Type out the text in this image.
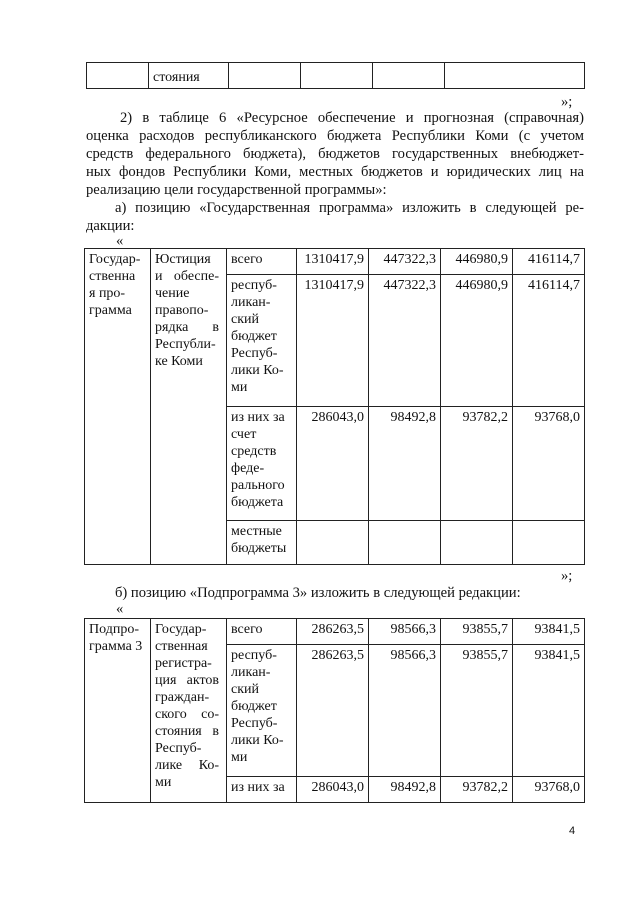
	стояния				
»;
2) в таблице 6 «Ресурсное обеспечение и прогнозная (справочная)
оценка расходов республиканского бюджета Республики Коми (с учетом
средств федерального бюджета), бюджетов государственных внебюджет-
ных фондов Республики Коми, местных бюджетов и юридических лиц на
реализацию цели государственной программы»:
а) позицию «Государственная программа» изложить в следующей ре-
дакции:
«
Государ-ственная про-грамма	Юстиция и обеспе-чение правопо-рядка в Республи-ке Коми	всего	1310417,9	447322,3	446980,9	416114,7

		респуб-ликан-ский бюджет Респуб-лики Ко-ми	1310417,9	447322,3	446980,9	416114,7

		из них за счет средств феде-рального бюджета	286043,0	98492,8	93782,2	93768,0

		местные бюджеты				

»;
б) позицию «Подпрограмма 3» изложить в следующей редакции:
«
Подпро-грамма 3	Государ-ственная регистра-ция актов граждан-ского со-стояния в Респуб-лике Ко-ми	всего	286263,5	98566,3	93855,7	93841,5

		респуб-ликан-ский бюджет Респуб-лики Ко-ми	286263,5	98566,3	93855,7	93841,5
		из них за	286043,0	98492,8	93782,2	93768,0
4
